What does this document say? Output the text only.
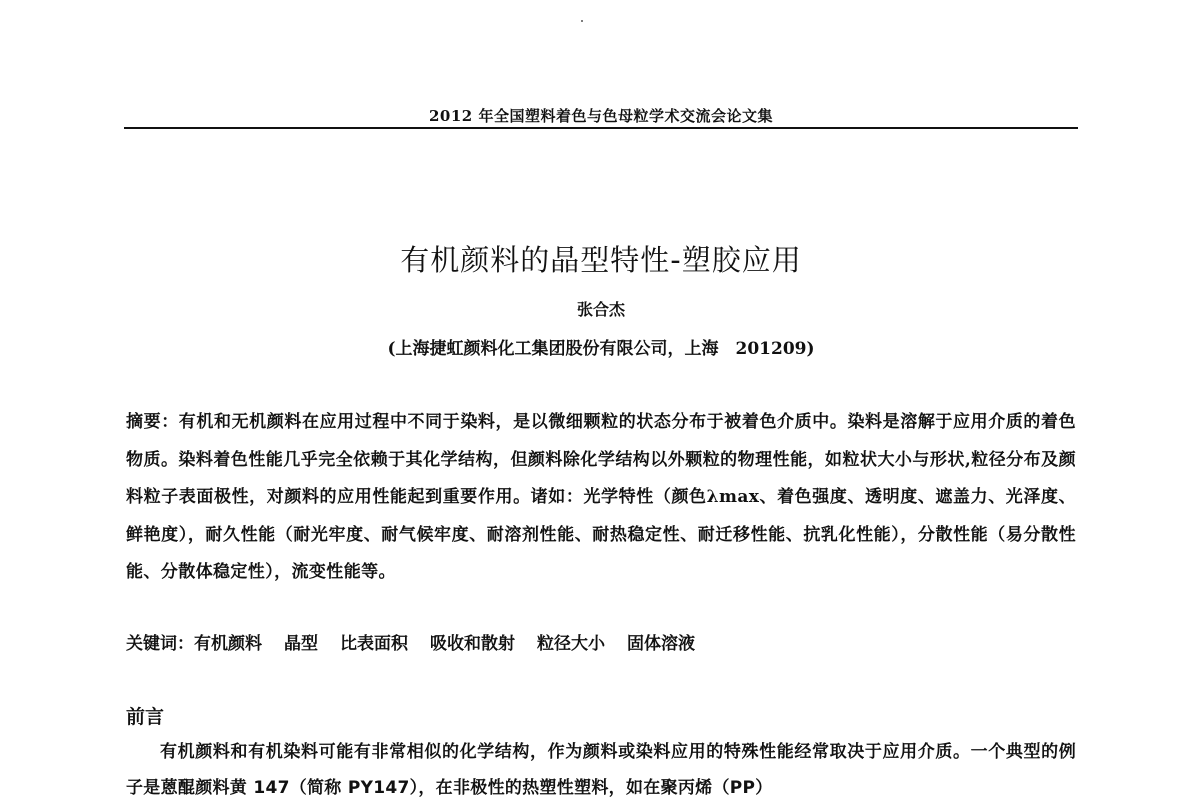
2012 年全国塑料着色与色母粒学术交流会论文集
有机颜料的晶型特性-塑胶应用
张合杰
(上海捷虹颜料化工集团股份有限公司，上海　201209)
摘要：有机和无机颜料在应用过程中不同于染料，是以微细颗粒的状态分布于被着色介质中。染料是溶解于应用介质的着色物质。染料着色性能几乎完全依赖于其化学结构，但颜料除化学结构以外颗粒的物理性能，如粒状大小与形状,粒径分布及颜料粒子表面极性，对颜料的应用性能起到重要作用。诸如：光学特性（颜色λmax、着色强度、透明度、遮盖力、光泽度、鲜艳度），耐久性能（耐光牢度、耐气候牢度、耐溶剂性能、耐热稳定性、耐迁移性能、抗乳化性能），分散性能（易分散性能、分散体稳定性），流变性能等。
关键词：有机颜料 晶型 比表面积 吸收和散射 粒径大小 固体溶液
前言
有机颜料和有机染料可能有非常相似的化学结构，作为颜料或染料应用的特殊性能经常取决于应用介质。一个典型的例子是蒽醌颜料黄 147（简称 PY147），在非极性的热塑性塑料，如在聚丙烯（PP）
